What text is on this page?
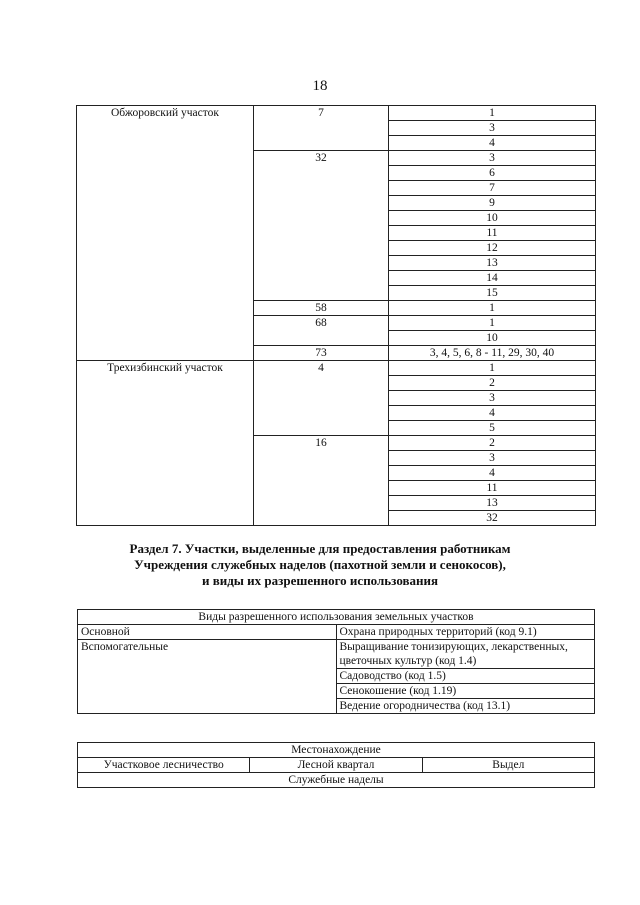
18
Обжоровский участок	7	1
		3
		4
	32	3
		6
		7
		9
		10
		11
		12
		13
		14
		15
	58	1
	68	1
		10
	73	3, 4, 5, 6, 8 - 11, 29, 30, 40
Трехизбинский участок	4	1
		2
		3
		4
		5
	16	2
		3
		4
		11
		13
		32
Раздел 7. Участки, выделенные для предоставления работникам
Учреждения служебных наделов (пахотной земли и сенокосов),
и виды их разрешенного использования
Виды разрешенного использования земельных участков	
Основной	Охрана природных территорий (код 9.1)
Вспомогательные	Выращивание тонизирующих, лекарственных, цветочных культур (код 1.4)
	Садоводство (код 1.5)
	Сенокошение (код 1.19)
	Ведение огородничества (код 13.1)
Местонахождение
Участковое лесничество	Лесной квартал	Выдел
Служебные наделы
